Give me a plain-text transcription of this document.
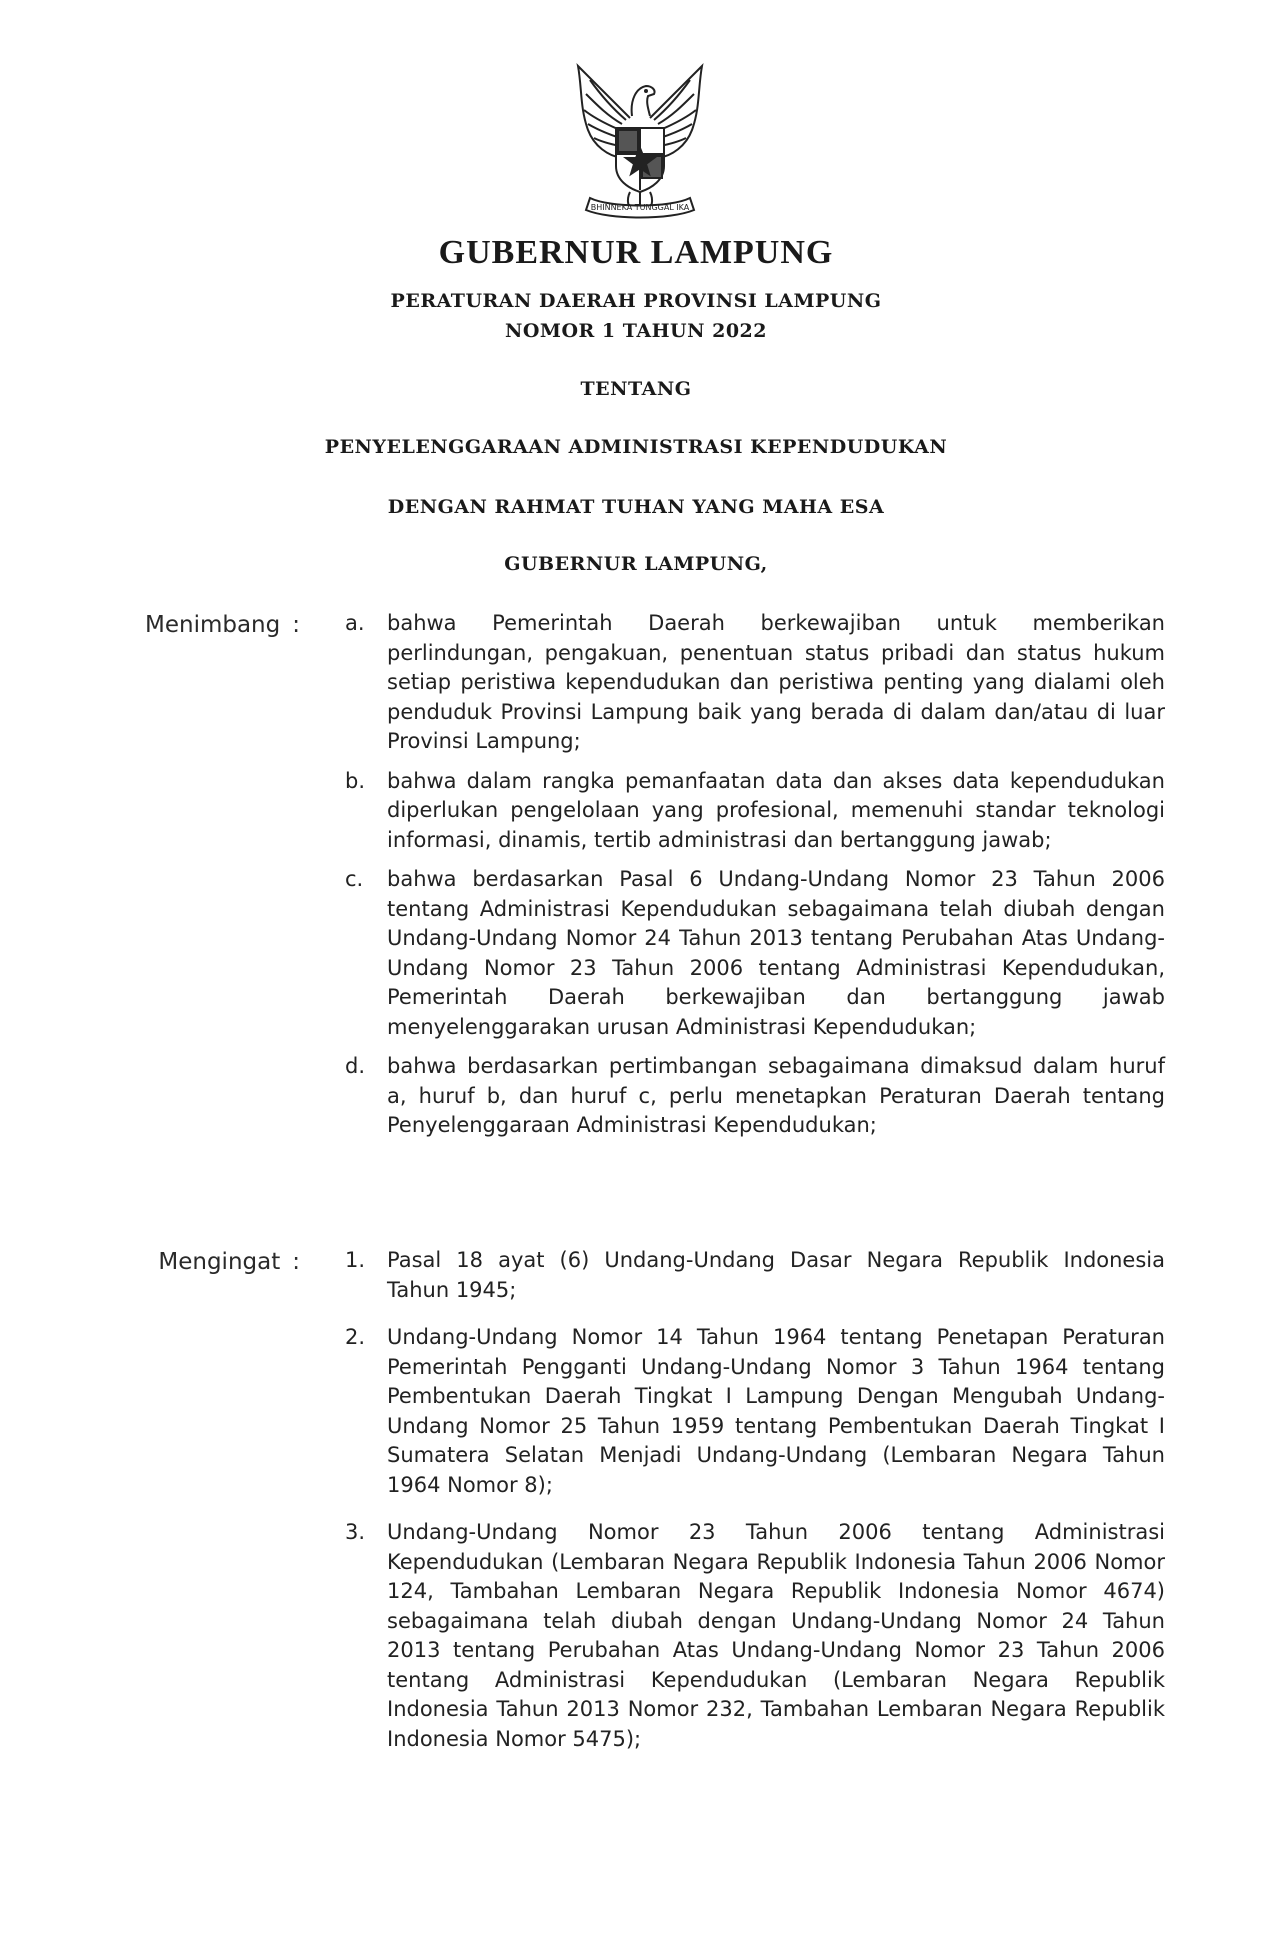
BHINNEKA TUNGGAL IKA
GUBERNUR LAMPUNG
PERATURAN DAERAH PROVINSI LAMPUNG
NOMOR 1 TAHUN 2022
TENTANG
PENYELENGGARAAN ADMINISTRASI KEPENDUDUKAN
DENGAN RAHMAT TUHAN YANG MAHA ESA
GUBERNUR LAMPUNG,
Menimbang : a.	bahwa Pemerintah Daerah berkewajiban untuk memberikan perlindungan, pengakuan, penentuan status pribadi dan status hukum setiap peristiwa kependudukan dan peristiwa penting yang dialami oleh penduduk Provinsi Lampung baik yang berada di dalam dan/atau di luar Provinsi Lampung;
b.	bahwa dalam rangka pemanfaatan data dan akses data kependudukan diperlukan pengelolaan yang profesional, memenuhi standar teknologi informasi, dinamis, tertib administrasi dan bertanggung jawab;
c.	bahwa berdasarkan Pasal 6 Undang-Undang Nomor 23 Tahun 2006 tentang Administrasi Kependudukan sebagaimana telah diubah dengan Undang-Undang Nomor 24 Tahun 2013 tentang Perubahan Atas Undang-Undang Nomor 23 Tahun 2006 tentang Administrasi Kependudukan, Pemerintah Daerah berkewajiban dan bertanggung jawab menyelenggarakan urusan Administrasi Kependudukan;
d.	bahwa berdasarkan pertimbangan sebagaimana dimaksud dalam huruf a, huruf b, dan huruf c, perlu menetapkan Peraturan Daerah tentang Penyelenggaraan Administrasi Kependudukan;
Mengingat : 1.	Pasal 18 ayat (6) Undang-Undang Dasar Negara Republik Indonesia Tahun 1945;
2.	Undang-Undang Nomor 14 Tahun 1964 tentang Penetapan Peraturan Pemerintah Pengganti Undang-Undang Nomor 3 Tahun 1964 tentang Pembentukan Daerah Tingkat I Lampung Dengan Mengubah Undang-Undang Nomor 25 Tahun 1959 tentang Pembentukan Daerah Tingkat I Sumatera Selatan Menjadi Undang-Undang (Lembaran Negara Tahun 1964 Nomor 8);
3.	Undang-Undang Nomor 23 Tahun 2006 tentang Administrasi Kependudukan (Lembaran Negara Republik Indonesia Tahun 2006 Nomor 124, Tambahan Lembaran Negara Republik Indonesia Nomor 4674) sebagaimana telah diubah dengan Undang-Undang Nomor 24 Tahun 2013 tentang Perubahan Atas Undang-Undang Nomor 23 Tahun 2006 tentang Administrasi Kependudukan (Lembaran Negara Republik Indonesia Tahun 2013 Nomor 232, Tambahan Lembaran Negara Republik Indonesia Nomor 5475);
